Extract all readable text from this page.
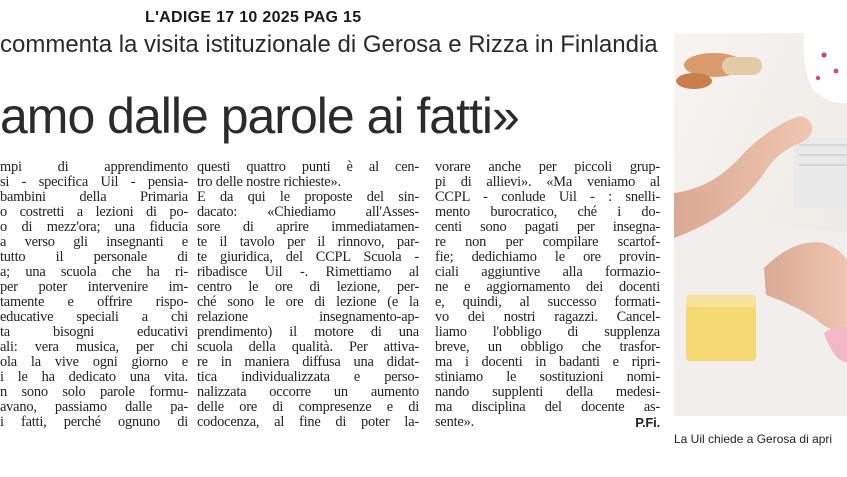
L'ADIGE 17 10 2025 PAG 15
commenta la visita istituzionale di Gerosa e Rizza in Finlandia
amo dalle parole ai fatti»
mpi di apprendimento
si - specifica Uil - pensia-
bambini della Primaria
o costretti a lezioni di po-
o di mezz'ora; una fiducia
a verso gli insegnanti e
tutto il personale di
a; una scuola che ha ri-
per poter intervenire im-
tamente e offrire rispo-
educative speciali a chi
ta bisogni educativi
ali: vera musica, per chi
ola la vive ogni giorno e
i le ha dedicato una vita.
n sono solo parole formu-
avano, passiamo dalle pa-
i fatti, perché ognuno di
questi quattro punti è al cen-
tro delle nostre richieste».
E da qui le proposte del sin-
dacato: «Chiediamo all'Asses-
sore di aprire immediatamen-
te il tavolo per il rinnovo, par-
te giuridica, del CCPL Scuola -
ribadisce Uil -. Rimettiamo al
centro le ore di lezione, per-
ché sono le ore di lezione (e la
relazione insegnamento-ap-
prendimento) il motore di una
scuola della qualità. Per attiva-
re in maniera diffusa una didat-
tica individualizzata e perso-
nalizzata occorre un aumento
delle ore di compresenze e di
codocenza, al fine di poter la-
vorare anche per piccoli grup-
pi di allievi». «Ma veniamo al
CCPL - conlude Uil - : snelli-
mento burocratico, ché i do-
centi sono pagati per insegna-
re non per compilare scartof-
fie; dedichiamo le ore provin-
ciali aggiuntive alla formazio-
ne e aggiornamento dei docenti
e, quindi, al successo formati-
vo dei nostri ragazzi. Cancel-
liamo l'obbligo di supplenza
breve, un obbligo che trasfor-
ma i docenti in badanti e ripri-
stiniamo le sostituzioni nomi-
nando supplenti della medesi-
ma disciplina del docente as-
sente».	P.Fi.
La Uil chiede a Gerosa di apri
